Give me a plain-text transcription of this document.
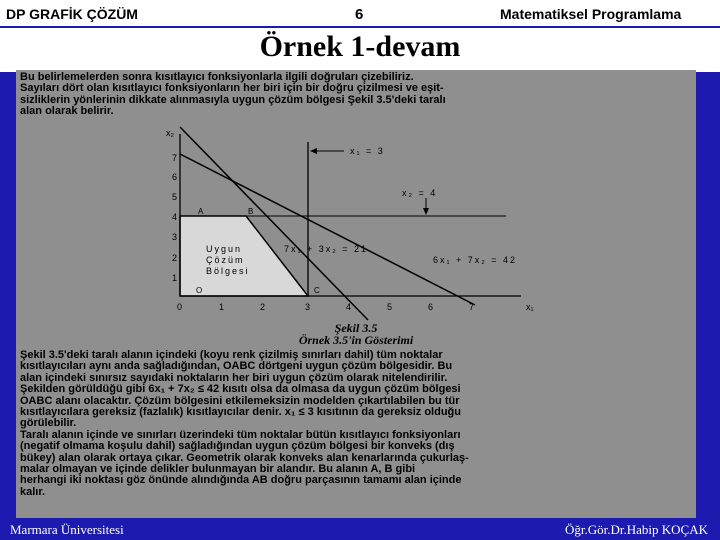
DP GRAFİK ÇÖZÜM	6	Matematiksel Programlama
Örnek 1-devam
Bu belirlemelerden sonra kısıtlayıcı fonksiyonlarla ilgili doğruları çizebiliriz.
Sayıları dört olan kısıtlayıcı fonksiyonların her biri için bir doğru çizilmesi ve eşit-
sizliklerin yönlerinin dikkate alınmasıyla uygun çözüm bölgesi Şekil 3.5'deki taralı
alan olarak belirir.
x₂
x₁
7
6
5
4
3
2
1
0	1	2	3	4	5	6	7
A	B
C
O
x₁ = 3
x₂ = 4
7x₁ + 3x₂ = 21
6x₁ + 7x₂ = 42
Uygun
Çözüm
Bölgesi
Şekil 3.5
Örnek 3.5'in Gösterimi
Şekil 3.5'deki taralı alanın içindeki (koyu renk çizilmiş sınırları dahil) tüm noktalar
kısıtlayıcıları aynı anda sağladığından, OABC dörtgeni uygun çözüm bölgesidir. Bu
alan içindeki sınırsız sayıdaki noktaların her biri uygun çözüm olarak nitelendirilir.
Şekilden görüldüğü gibi 6x₁ + 7x₂ ≤ 42 kısıtı olsa da olmasa da uygun çözüm bölgesi
OABC alanı olacaktır. Çözüm bölgesini etkilemeksizin modelden çıkartılabilen bu tür
kısıtlayıcılara gereksiz (fazlalık) kısıtlayıcılar denir. x₁ ≤ 3 kısıtının da gereksiz olduğu
görülebilir.
Taralı alanın içinde ve sınırları üzerindeki tüm noktalar bütün kısıtlayıcı fonksiyonları
(negatif olmama koşulu dahil) sağladığından uygun çözüm bölgesi bir konveks (dış
bükey) alan olarak ortaya çıkar. Geometrik olarak konveks alan kenarlarında çukurlaş-
malar olmayan ve içinde delikler bulunmayan bir alandır. Bu alanın A, B gibi
herhangi iki noktası göz önünde alındığında AB doğru parçasının tamamı alan içinde
kalır.
Marmara Üniversitesi	Öğr.Gör.Dr.Habip KOÇAK
